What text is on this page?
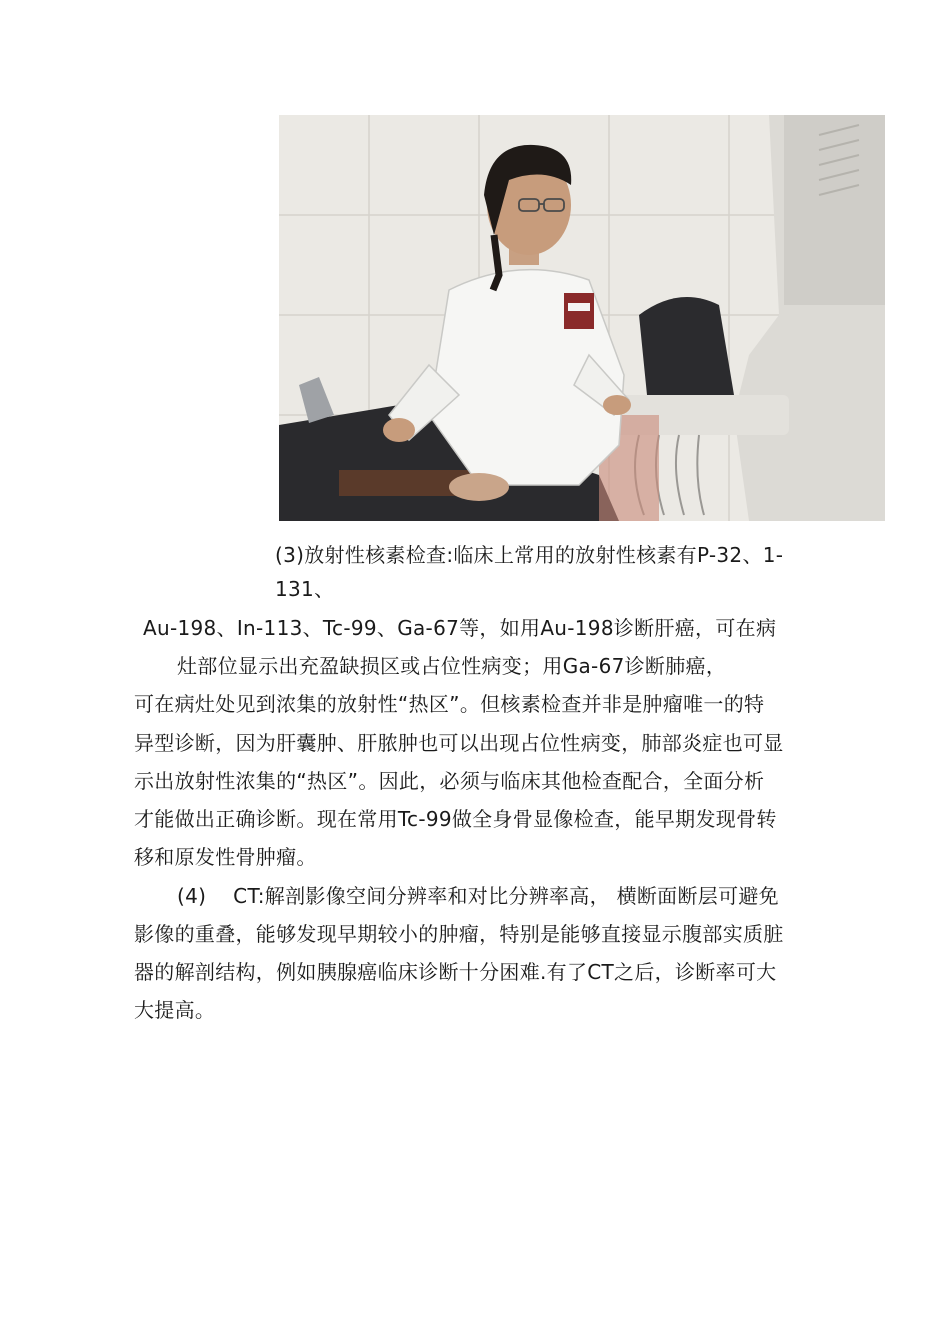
(3)放射性核素检查:临床上常用的放射性核素有P-32、1-
131、
Au-198、In-113、Tc-99、Ga-67等，如用Au-198诊断肝癌，可在病
灶部位显示出充盈缺损区或占位性病变；用Ga-67诊断肺癌，
可在病灶处见到浓集的放射性“热区”。但核素检查并非是肿瘤唯一的特
异型诊断，因为肝囊肿、肝脓肿也可以出现占位性病变，肺部炎症也可显
示出放射性浓集的“热区”。因此，必须与临床其他检查配合，全面分析
才能做出正确诊断。现在常用Tc-99做全身骨显像检查，能早期发现骨转
移和原发性骨肿瘤。
(4)　 CT:解剖影像空间分辨率和对比分辨率高， 横断面断层可避免
影像的重叠，能够发现早期较小的肿瘤，特别是能够直接显示腹部实质脏
器的解剖结构，例如胰腺癌临床诊断十分困难.有了CT之后，诊断率可大
大提高。
